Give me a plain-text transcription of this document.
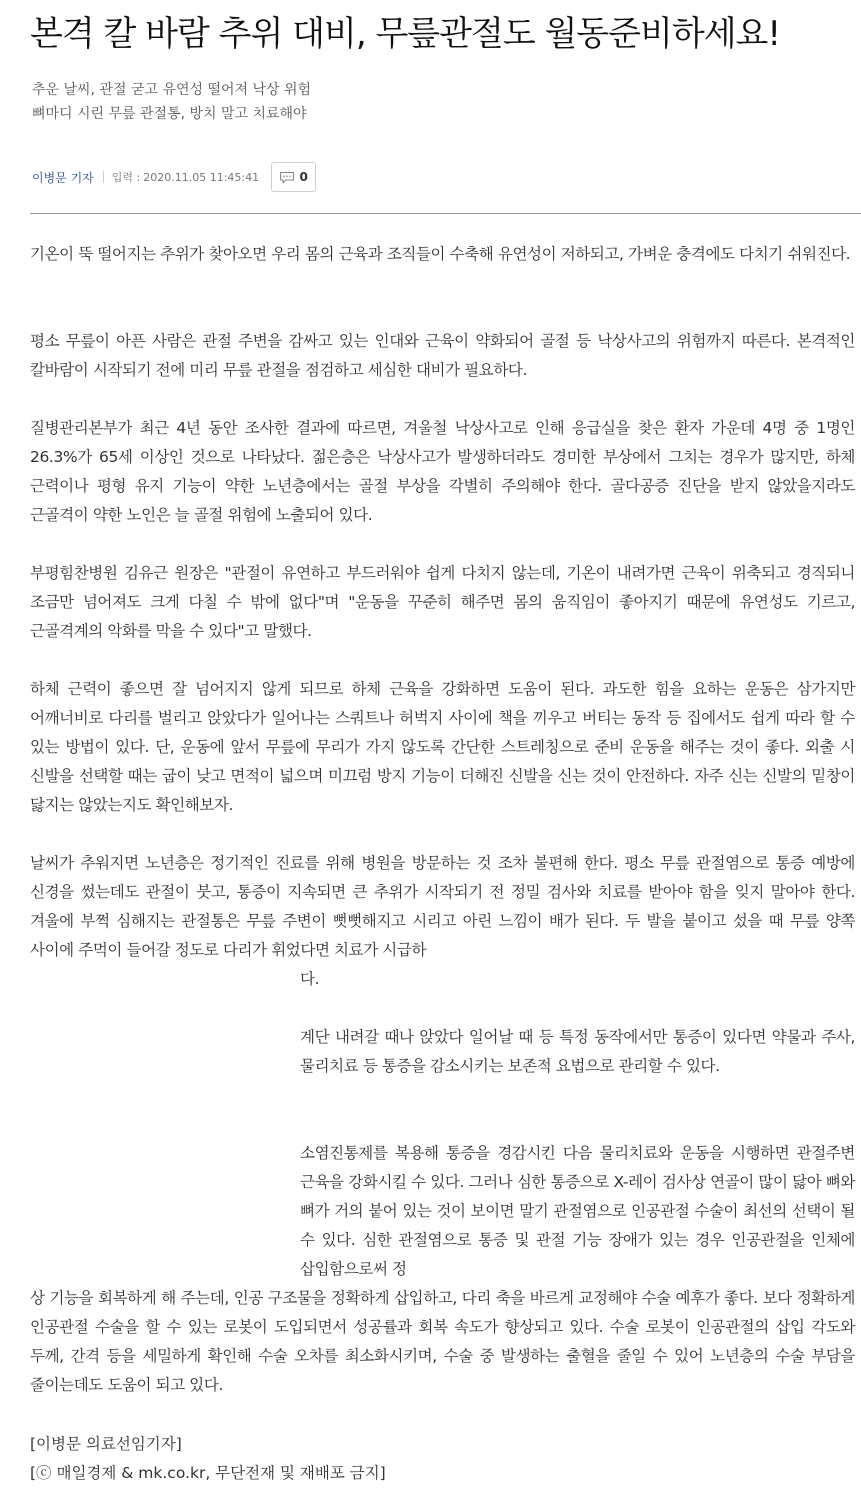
본격 칼 바람 추위 대비, 무릎관절도 월동준비하세요!
추운 날씨, 관절 굳고 유연성 떨어져 낙상 위험
뼈마디 시린 무릎 관절통, 방치 말고 치료해야
이병문 기자 입력 : 2020.11.05 11:45:41	0

기온이 뚝 떨어지는 추위가 찾아오면 우리 몸의 근육과 조직들이 수축해 유연성이 저하되고, 가벼운 충격에도 다치기 쉬워진다.

평소 무릎이 아픈 사람은 관절 주변을 감싸고 있는 인대와 근육이 약화되어 골절 등 낙상사고의 위험까지 따른다. 본격적인 칼바람이 시작되기 전에 미리 무릎 관절을 점검하고 세심한 대비가 필요하다.

질병관리본부가 최근 4년 동안 조사한 결과에 따르면, 겨울철 낙상사고로 인해 응급실을 찾은 환자 가운데 4명 중 1명인 26.3%가 65세 이상인 것으로 나타났다. 젊은층은 낙상사고가 발생하더라도 경미한 부상에서 그치는 경우가 많지만, 하체 근력이나 평형 유지 기능이 약한 노년층에서는 골절 부상을 각별히 주의해야 한다. 골다공증 진단을 받지 않았을지라도 근골격이 약한 노인은 늘 골절 위험에 노출되어 있다.

부평힘찬병원 김유근 원장은 "관절이 유연하고 부드러워야 쉽게 다치지 않는데, 기온이 내려가면 근육이 위축되고 경직되니 조금만 넘어져도 크게 다칠 수 밖에 없다"며 "운동을 꾸준히 해주면 몸의 움직임이 좋아지기 때문에 유연성도 기르고, 근골격계의 악화를 막을 수 있다"고 말했다.

하체 근력이 좋으면 잘 넘어지지 않게 되므로 하체 근육을 강화하면 도움이 된다. 과도한 힘을 요하는 운동은 삼가지만 어깨너비로 다리를 벌리고 앉았다가 일어나는 스쿼트나 허벅지 사이에 책을 끼우고 버티는 동작 등 집에서도 쉽게 따라 할 수 있는 방법이 있다. 단, 운동에 앞서 무릎에 무리가 가지 않도록 간단한 스트레칭으로 준비 운동을 해주는 것이 좋다. 외출 시 신발을 선택할 때는 굽이 낮고 면적이 넓으며 미끄럼 방지 기능이 더해진 신발을 신는 것이 안전하다. 자주 신는 신발의 밑창이 닳지는 않았는지도 확인해보자.

날씨가 추워지면 노년층은 정기적인 진료를 위해 병원을 방문하는 것 조차 불편해 한다. 평소 무릎 관절염으로 통증 예방에 신경을 썼는데도 관절이 붓고, 통증이 지속되면 큰 추위가 시작되기 전 정밀 검사와 치료를 받아야 함을 잊지 말아야 한다. 겨울에 부쩍 심해지는 관절통은 무릎 주변이 뻣뻣해지고 시리고 아린 느낌이 배가 된다. 두 발을 붙이고 섰을 때 무릎 양쪽 사이에 주먹이 들어갈 정도로 다리가 휘었다면 치료가 시급하

다.

계단 내려갈 때나 앉았다 일어날 때 등 특정 동작에서만 통증이 있다면 약물과 주사, 물리치료 등 통증을 감소시키는 보존적 요법으로 관리할 수 있다.

소염진통제를 복용해 통증을 경감시킨 다음 물리치료와 운동을 시행하면 관절주변 근육을 강화시킬 수 있다. 그러나 심한 통증으로 X-레이 검사상 연골이 많이 닳아 뼈와 뼈가 거의 붙어 있는 것이 보이면 말기 관절염으로 인공관절 수술이 최선의 선택이 될 수 있다. 심한 관절염으로 통증 및 관절 기능 장애가 있는 경우 인공관절을 인체에 삽입함으로써 정

상 기능을 회복하게 해 주는데, 인공 구조물을 정확하게 삽입하고, 다리 축을 바르게 교정해야 수술 예후가 좋다. 보다 정확하게 인공관절 수술을 할 수 있는 로봇이 도입되면서 성공률과 회복 속도가 향상되고 있다. 수술 로봇이 인공관절의 삽입 각도와 두께, 간격 등을 세밀하게 확인해 수술 오차를 최소화시키며, 수술 중 발생하는 출혈을 줄일 수 있어 노년층의 수술 부담을 줄이는데도 도움이 되고 있다.

[이병문 의료선임기자]
[ⓒ 매일경제 & mk.co.kr, 무단전재 및 재배포 금지]
